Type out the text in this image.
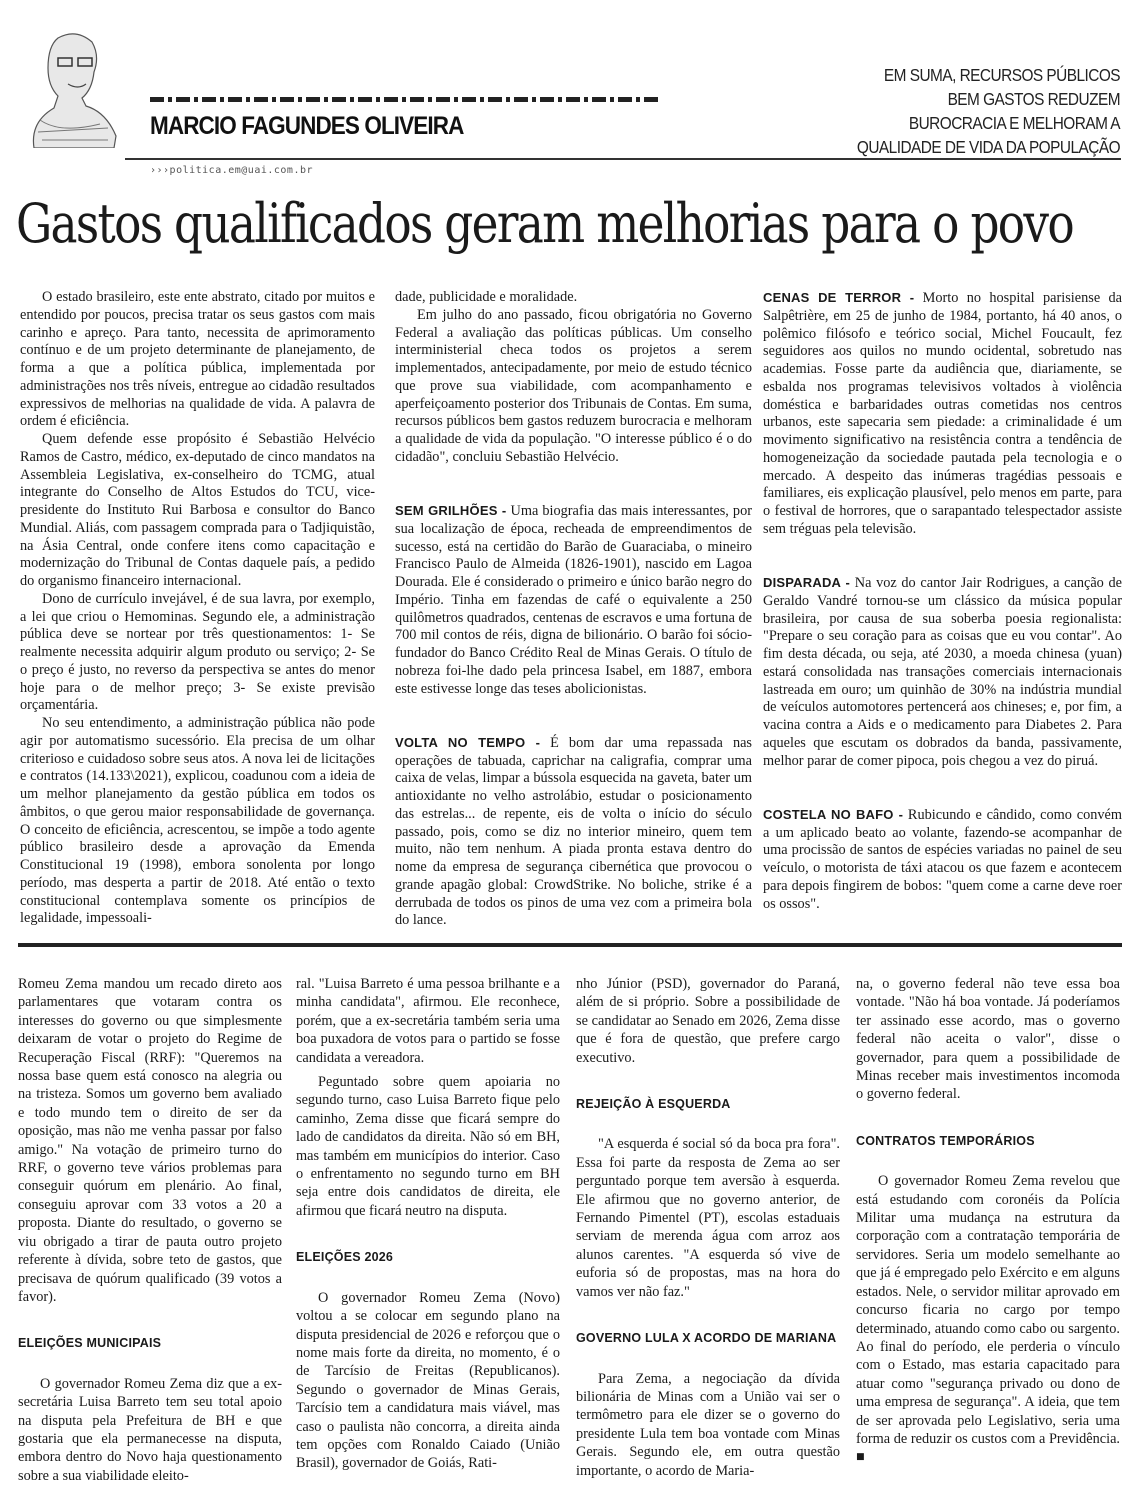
MARCIO FAGUNDES OLIVEIRA
EM SUMA, RECURSOS PÚBLICOS
BEM GASTOS REDUZEM
BUROCRACIA E MELHORAM A
QUALIDADE DE VIDA DA POPULAÇÃO
›››politica.em@uai.com.br
Gastos qualificados geram melhorias para o povo

O estado brasileiro, este ente abstrato, citado por muitos e entendido por poucos, precisa tratar os seus gastos com mais carinho e apreço. Para tanto, necessita de aprimoramento contínuo e de um projeto determinante de planejamento, de forma a que a política pública, implementada por administrações nos três níveis, entregue ao cidadão resultados expressivos de melhorias na qualidade de vida. A palavra de ordem é eficiência.

Quem defende esse propósito é Sebastião Helvécio Ramos de Castro, médico, ex-deputado de cinco mandatos na Assembleia Legislativa, ex-conselheiro do TCMG, atual integrante do Conselho de Altos Estudos do TCU, vice-presidente do Instituto Rui Barbosa e consultor do Banco Mundial. Aliás, com passagem comprada para o Tadjiquistão, na Ásia Central, onde confere itens como capacitação e modernização do Tribunal de Contas daquele país, a pedido do organismo financeiro internacional.

Dono de currículo invejável, é de sua lavra, por exemplo, a lei que criou o Hemominas. Segundo ele, a administração pública deve se nortear por três questionamentos: 1- Se realmente necessita adquirir algum produto ou serviço; 2- Se o preço é justo, no reverso da perspectiva se antes do menor hoje para o de melhor preço; 3- Se existe previsão orçamentária.

No seu entendimento, a administração pública não pode agir por automatismo sucessório. Ela precisa de um olhar criterioso e cuidadoso sobre seus atos. A nova lei de licitações e contratos (14.133\2021), explicou, coadunou com a ideia de um melhor planejamento da gestão pública em todos os âmbitos, o que gerou maior responsabilidade de governança. O conceito de eficiência, acrescentou, se impõe a todo agente público brasileiro desde a aprovação da Emenda Constitucional 19 (1998), embora sonolenta por longo período, mas desperta a partir de 2018. Até então o texto constitucional contemplava somente os princípios de legalidade, impessoali-

dade, publicidade e moralidade.

Em julho do ano passado, ficou obrigatória no Governo Federal a avaliação das políticas públicas. Um conselho interministerial checa todos os projetos a serem implementados, antecipadamente, por meio de estudo técnico que prove sua viabilidade, com acompanhamento e aperfeiçoamento posterior dos Tribunais de Contas. Em suma, recursos públicos bem gastos reduzem burocracia e melhoram a qualidade de vida da população. "O interesse público é o do cidadão", concluiu Sebastião Helvécio.

SEM GRILHÕES - Uma biografia das mais interessantes, por sua localização de época, recheada de empreendimentos de sucesso, está na certidão do Barão de Guaraciaba, o mineiro Francisco Paulo de Almeida (1826-1901), nascido em Lagoa Dourada. Ele é considerado o primeiro e único barão negro do Império. Tinha em fazendas de café o equivalente a 250 quilômetros quadrados, centenas de escravos e uma fortuna de 700 mil contos de réis, digna de bilionário. O barão foi sócio-fundador do Banco Crédito Real de Minas Gerais. O título de nobreza foi-lhe dado pela princesa Isabel, em 1887, embora este estivesse longe das teses abolicionistas.

VOLTA NO TEMPO - É bom dar uma repassada nas operações de tabuada, caprichar na caligrafia, comprar uma caixa de velas, limpar a bússola esquecida na gaveta, bater um antioxidante no velho astrolábio, estudar o posicionamento das estrelas... de repente, eis de volta o início do século passado, pois, como se diz no interior mineiro, quem tem muito, não tem nenhum. A piada pronta estava dentro do nome da empresa de segurança cibernética que provocou o grande apagão global: CrowdStrike. No boliche, strike é a derrubada de todos os pinos de uma vez com a primeira bola do lance.

CENAS DE TERROR - Morto no hospital parisiense da Salpêtrière, em 25 de junho de 1984, portanto, há 40 anos, o polêmico filósofo e teórico social, Michel Foucault, fez seguidores aos quilos no mundo ocidental, sobretudo nas academias. Fosse parte da audiência que, diariamente, se esbalda nos programas televisivos voltados à violência doméstica e barbaridades outras cometidas nos centros urbanos, este sapecaria sem piedade: a criminalidade é um movimento significativo na resistência contra a tendência de homogeneização da sociedade pautada pela tecnologia e o mercado. A despeito das inúmeras tragédias pessoais e familiares, eis explicação plausível, pelo menos em parte, para o festival de horrores, que o sarapantado telespectador assiste sem tréguas pela televisão.

DISPARADA - Na voz do cantor Jair Rodrigues, a canção de Geraldo Vandré tornou-se um clássico da música popular brasileira, por causa de sua soberba poesia regionalista: "Prepare o seu coração para as coisas que eu vou contar". Ao fim desta década, ou seja, até 2030, a moeda chinesa (yuan) estará consolidada nas transações comerciais internacionais lastreada em ouro; um quinhão de 30% na indústria mundial de veículos automotores pertencerá aos chineses; e, por fim, a vacina contra a Aids e o medicamento para Diabetes 2. Para aqueles que escutam os dobrados da banda, passivamente, melhor parar de comer pipoca, pois chegou a vez do piruá.

COSTELA NO BAFO - Rubicundo e cândido, como convém a um aplicado beato ao volante, fazendo-se acompanhar de uma procissão de santos de espécies variadas no painel de seu veículo, o motorista de táxi atacou os que fazem e acontecem para depois fingirem de bobos: "quem come a carne deve roer os ossos".

Romeu Zema mandou um recado direto aos parlamentares que votaram contra os interesses do governo ou que simplesmente deixaram de votar o projeto do Regime de Recuperação Fiscal (RRF): "Queremos na nossa base quem está conosco na alegria ou na tristeza. Somos um governo bem avaliado e todo mundo tem o direito de ser da oposição, mas não me venha passar por falso amigo." Na votação de primeiro turno do RRF, o governo teve vários problemas para conseguir quórum em plenário. Ao final, conseguiu aprovar com 33 votos a 20 a proposta. Diante do resultado, o governo se viu obrigado a tirar de pauta outro projeto referente à dívida, sobre teto de gastos, que precisava de quórum qualificado (39 votos a favor).

ELEIÇÕES MUNICIPAIS

O governador Romeu Zema diz que a ex-secretária Luisa Barreto tem seu total apoio na disputa pela Prefeitura de BH e que gostaria que ela permanecesse na disputa, embora dentro do Novo haja questionamento sobre a sua viabilidade eleito-

ral. "Luisa Barreto é uma pessoa brilhante e a minha candidata", afirmou. Ele reconhece, porém, que a ex-secretária também seria uma boa puxadora de votos para o partido se fosse candidata a vereadora.

Peguntado sobre quem apoiaria no segundo turno, caso Luisa Barreto fique pelo caminho, Zema disse que ficará sempre do lado de candidatos da direita. Não só em BH, mas também em municípios do interior. Caso o enfrentamento no segundo turno em BH seja entre dois candidatos de direita, ele afirmou que ficará neutro na disputa.

ELEIÇÕES 2026

O governador Romeu Zema (Novo) voltou a se colocar em segundo plano na disputa presidencial de 2026 e reforçou que o nome mais forte da direita, no momento, é o de Tarcísio de Freitas (Republicanos). Segundo o governador de Minas Gerais, Tarcísio tem a candidatura mais viável, mas caso o paulista não concorra, a direita ainda tem opções com Ronaldo Caiado (União Brasil), governador de Goiás, Rati-

nho Júnior (PSD), governador do Paraná, além de si próprio. Sobre a possibilidade de se candidatar ao Senado em 2026, Zema disse que é fora de questão, que prefere cargo executivo.

REJEIÇÃO À ESQUERDA

"A esquerda é social só da boca pra fora". Essa foi parte da resposta de Zema ao ser perguntado porque tem aversão à esquerda. Ele afirmou que no governo anterior, de Fernando Pimentel (PT), escolas estaduais serviam de merenda água com arroz aos alunos carentes. "A esquerda só vive de euforia só de propostas, mas na hora do vamos ver não faz."

GOVERNO LULA X ACORDO DE MARIANA

Para Zema, a negociação da dívida bilionária de Minas com a União vai ser o termômetro para ele dizer se o governo do presidente Lula tem boa vontade com Minas Gerais. Segundo ele, em outra questão importante, o acordo de Maria-

na, o governo federal não teve essa boa vontade. "Não há boa vontade. Já poderíamos ter assinado esse acordo, mas o governo federal não aceita o valor", disse o governador, para quem a possibilidade de Minas receber mais investimentos incomoda o governo federal.

CONTRATOS TEMPORÁRIOS

O governador Romeu Zema revelou que está estudando com coronéis da Polícia Militar uma mudança na estrutura da corporação com a contratação temporária de servidores. Seria um modelo semelhante ao que já é empregado pelo Exército e em alguns estados. Nele, o servidor militar aprovado em concurso ficaria no cargo por tempo determinado, atuando como cabo ou sargento. Ao final do período, ele perderia o vínculo com o Estado, mas estaria capacitado para atuar como "segurança privado ou dono de uma empresa de segurança". A ideia, que tem de ser aprovada pelo Legislativo, seria uma forma de reduzir os custos com a Previdência. ■
